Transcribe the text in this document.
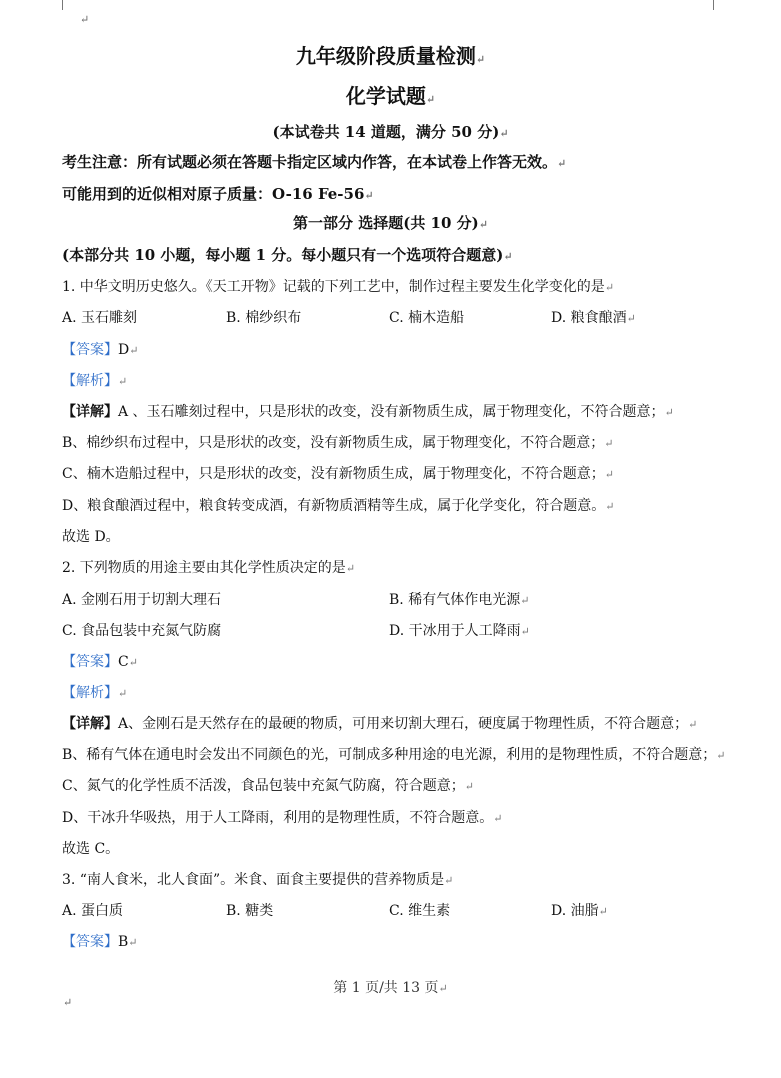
↵
↵
九年级阶段质量检测↵
化学试题↵
(本试卷共 14 道题，满分 50 分)↵
考生注意：所有试题必须在答题卡指定区域内作答，在本试卷上作答无效。↵
可能用到的近似相对原子质量：O-16 Fe-56↵
第一部分 选择题(共 10 分)↵
(本部分共 10 小题，每小题 1 分。每小题只有一个选项符合题意)↵
1. 中华文明历史悠久。《天工开物》记载的下列工艺中，制作过程主要发生化学变化的是↵
A. 玉石雕刻	B. 棉纱织布	C. 楠木造船	D. 粮食酿酒↵
【答案】D↵
【解析】↵
【详解】A 、玉石雕刻过程中，只是形状的改变，没有新物质生成，属于物理变化，不符合题意；↵
B、棉纱织布过程中，只是形状的改变，没有新物质生成，属于物理变化，不符合题意；↵
C、楠木造船过程中，只是形状的改变，没有新物质生成，属于物理变化，不符合题意；↵
D、粮食酿酒过程中，粮食转变成酒，有新物质酒精等生成，属于化学变化，符合题意。↵
故选 D。
2. 下列物质的用途主要由其化学性质决定的是↵
A. 金刚石用于切割大理石	B. 稀有气体作电光源↵
C. 食品包装中充氮气防腐	D. 干冰用于人工降雨↵
【答案】C↵
【解析】↵
【详解】A、金刚石是天然存在的最硬的物质，可用来切割大理石，硬度属于物理性质，不符合题意；↵
B、稀有气体在通电时会发出不同颜色的光，可制成多种用途的电光源，利用的是物理性质，不符合题意；↵
C、氮气的化学性质不活泼，食品包装中充氮气防腐，符合题意；↵
D、干冰升华吸热，用于人工降雨，利用的是物理性质，不符合题意。↵
故选 C。
3. “南人食米，北人食面”。米食、面食主要提供的营养物质是↵
A. 蛋白质	B. 糖类	C. 维生素	D. 油脂↵
【答案】B↵
第 1 页/共 13 页↵
